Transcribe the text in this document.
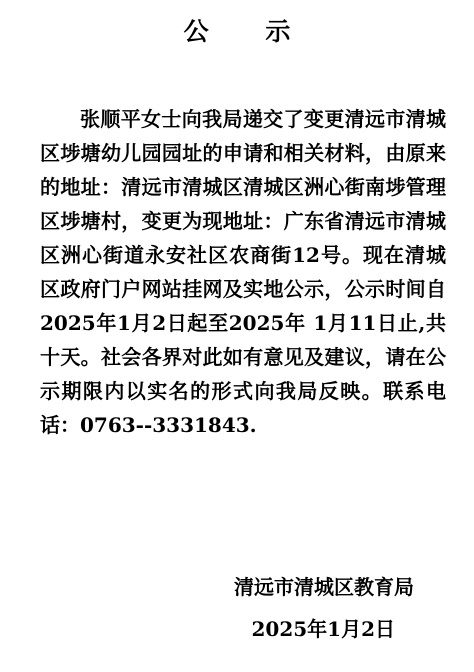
公 示

张顺平女士向我局递交了变更清远市清城区埗塘幼儿园园址的申请和相关材料，由原来的地址：清远市清城区清城区洲心街南埗管理区埗塘村，变更为现地址：广东省清远市清城区洲心街道永安社区农商街12号。现在清城区政府门户网站挂网及实地公示，公示时间自2025年1月2日起至2025年 1月11日止,共十天。社会各界对此如有意见及建议，请在公示期限内以实名的形式向我局反映。联系电话：0763--3331843.

清远市清城区教育局
2025年1月2日
